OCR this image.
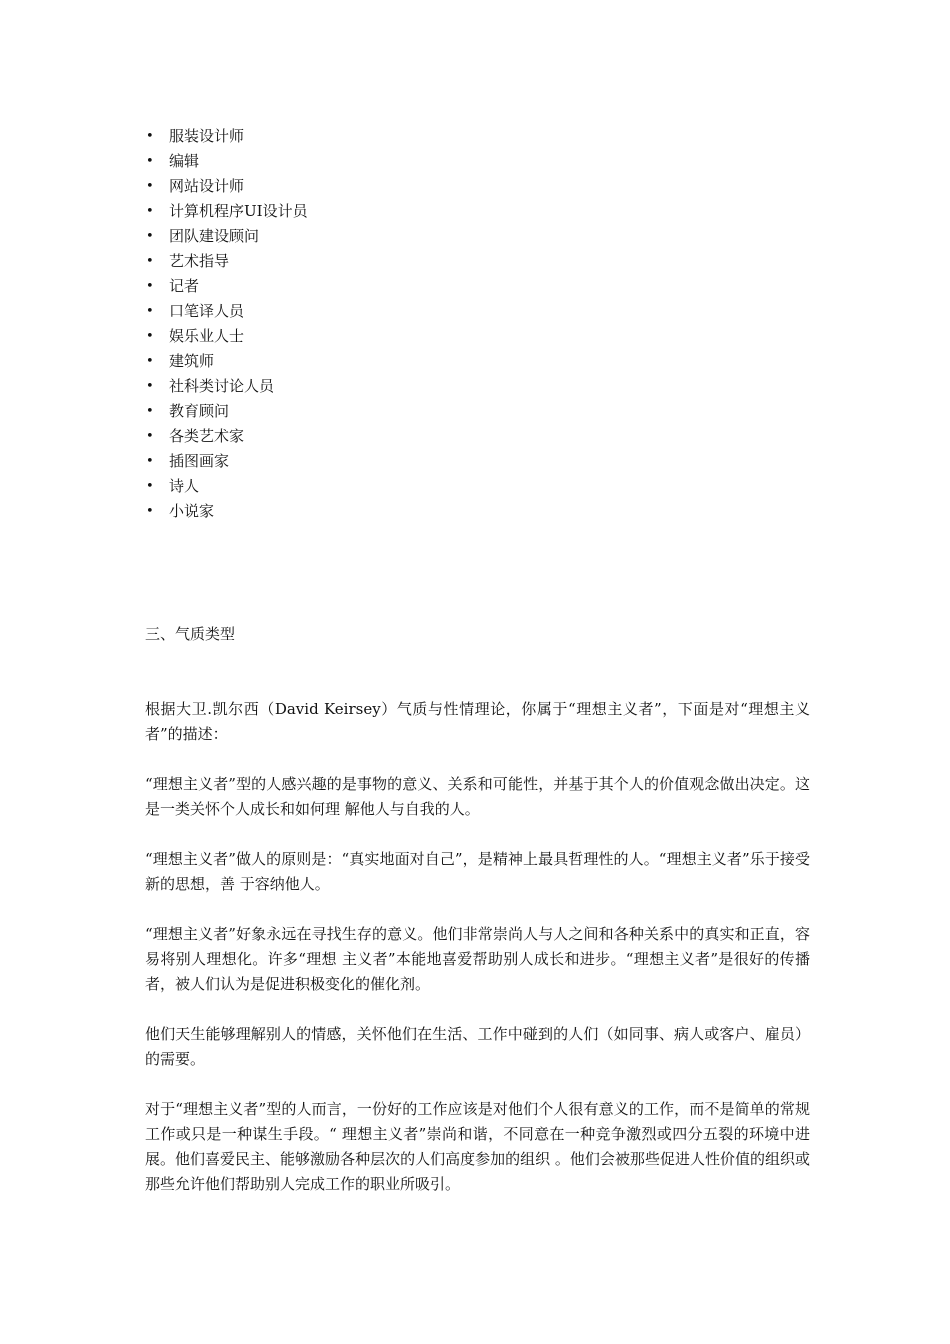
•	服装设计师
•	编辑
•	网站设计师
•	计算机程序UI设计员
•	团队建设顾问
•	艺术指导
•	记者
•	口笔译人员
•	娱乐业人士
•	建筑师
•	社科类讨论人员
•	教育顾问
•	各类艺术家
•	插图画家
•	诗人
•	小说家
三、气质类型

根据大卫.凯尔西（David Keirsey）气质与性情理论，你属于“理想主义者”，下面是对“理想主义者”的描述：

“理想主义者”型的人感兴趣的是事物的意义、关系和可能性，并基于其个人的价值观念做出决定。这是一类关怀个人成长和如何理 解他人与自我的人。

“理想主义者”做人的原则是：“真实地面对自己”，是精神上最具哲理性的人。“理想主义者”乐于接受新的思想，善 于容纳他人。

“理想主义者”好象永远在寻找生存的意义。他们非常崇尚人与人之间和各种关系中的真实和正直，容易将别人理想化。许多“理想 主义者”本能地喜爱帮助别人成长和进步。“理想主义者”是很好的传播者，被人们认为是促进积极变化的催化剂。

他们天生能够理解别人的情感，关怀他们在生活、工作中碰到的人们（如同事、病人或客户、雇员）的需要。

对于“理想主义者”型的人而言，一份好的工作应该是对他们个人很有意义的工作，而不是简单的常规工作或只是一种谋生手段。“ 理想主义者”崇尚和谐，不同意在一种竞争激烈或四分五裂的环境中进展。他们喜爱民主、能够激励各种层次的人们高度参加的组织 。他们会被那些促进人性价值的组织或那些允许他们帮助别人完成工作的职业所吸引。
